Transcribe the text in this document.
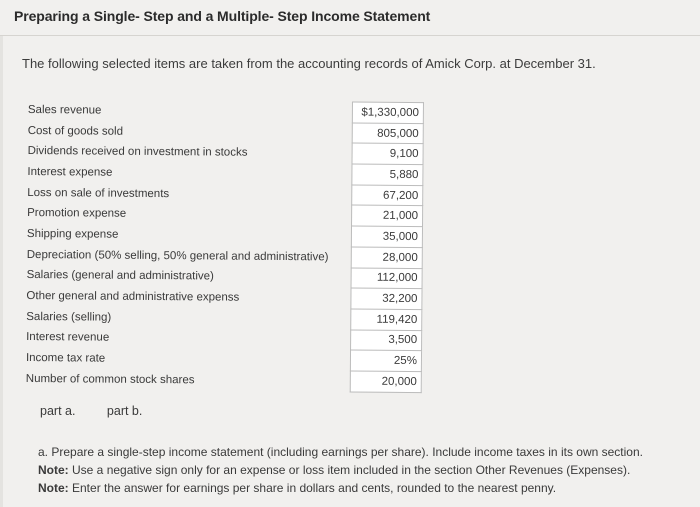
Preparing a Single- Step and a Multiple- Step Income Statement
The following selected items are taken from the accounting records of Amick Corp. at December 31.
Sales revenue	$1,330,000
Cost of goods sold	805,000
Dividends received on investment in stocks	9,100
Interest expense	5,880
Loss on sale of investments	67,200
Promotion expense	21,000
Shipping expense	35,000
Depreciation (50% selling, 50% general and administrative)	28,000
Salaries (general and administrative)	112,000
Other general and administrative expenss	32,200
Salaries (selling)	119,420
Interest revenue	3,500
Income tax rate	25%
Number of common stock shares	20,000
part a.	part b.
a. Prepare a single-step income statement (including earnings per share). Include income taxes in its own section.
Note: Use a negative sign only for an expense or loss item included in the section Other Revenues (Expenses).
Note: Enter the answer for earnings per share in dollars and cents, rounded to the nearest penny.
